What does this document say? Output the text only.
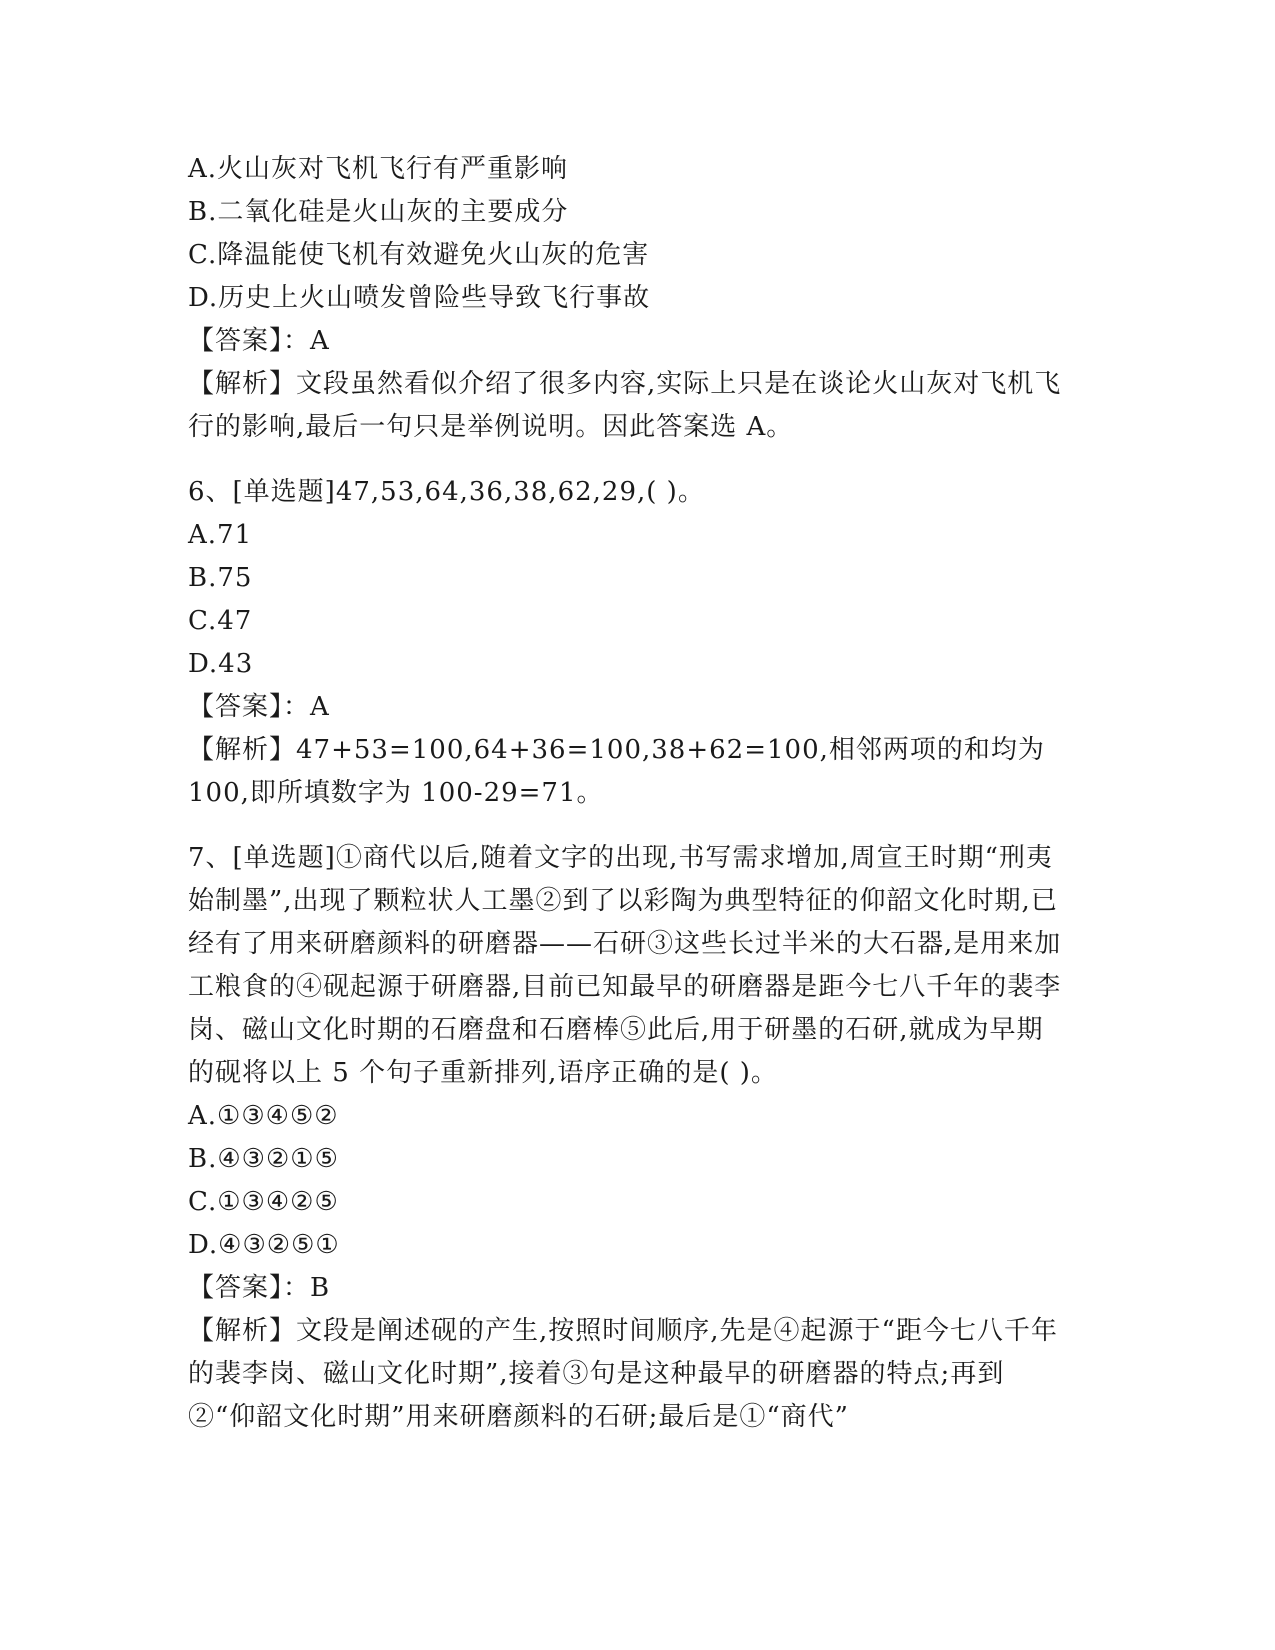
A.火山灰对飞机飞行有严重影响
B.二氧化硅是火山灰的主要成分
C.降温能使飞机有效避免火山灰的危害
D.历史上火山喷发曾险些导致飞行事故
【答案】：A
【解析】文段虽然看似介绍了很多内容,实际上只是在谈论火山灰对飞机飞行的影响,最后一句只是举例说明。因此答案选 A。
6、[单选题]47,53,64,36,38,62,29,( )。
A.71
B.75
C.47
D.43
【答案】：A
【解析】47+53=100,64+36=100,38+62=100,相邻两项的和均为 100,即所填数字为 100-29=71。
7、[单选题]①商代以后,随着文字的出现,书写需求增加,周宣王时期“刑夷始制墨”,出现了颗粒状人工墨②到了以彩陶为典型特征的仰韶文化时期,已经有了用来研磨颜料的研磨器——石研③这些长过半米的大石器,是用来加工粮食的④砚起源于研磨器,目前已知最早的研磨器是距今七八千年的裴李岗、磁山文化时期的石磨盘和石磨棒⑤此后,用于研墨的石研,就成为早期的砚将以上 5 个句子重新排列,语序正确的是( )。
A.①③④⑤②
B.④③②①⑤
C.①③④②⑤
D.④③②⑤①
【答案】：B
【解析】文段是阐述砚的产生,按照时间顺序,先是④起源于“距今七八千年的裴李岗、磁山文化时期”,接着③句是这种最早的研磨器的特点;再到②“仰韶文化时期”用来研磨颜料的石研;最后是①“商代”
